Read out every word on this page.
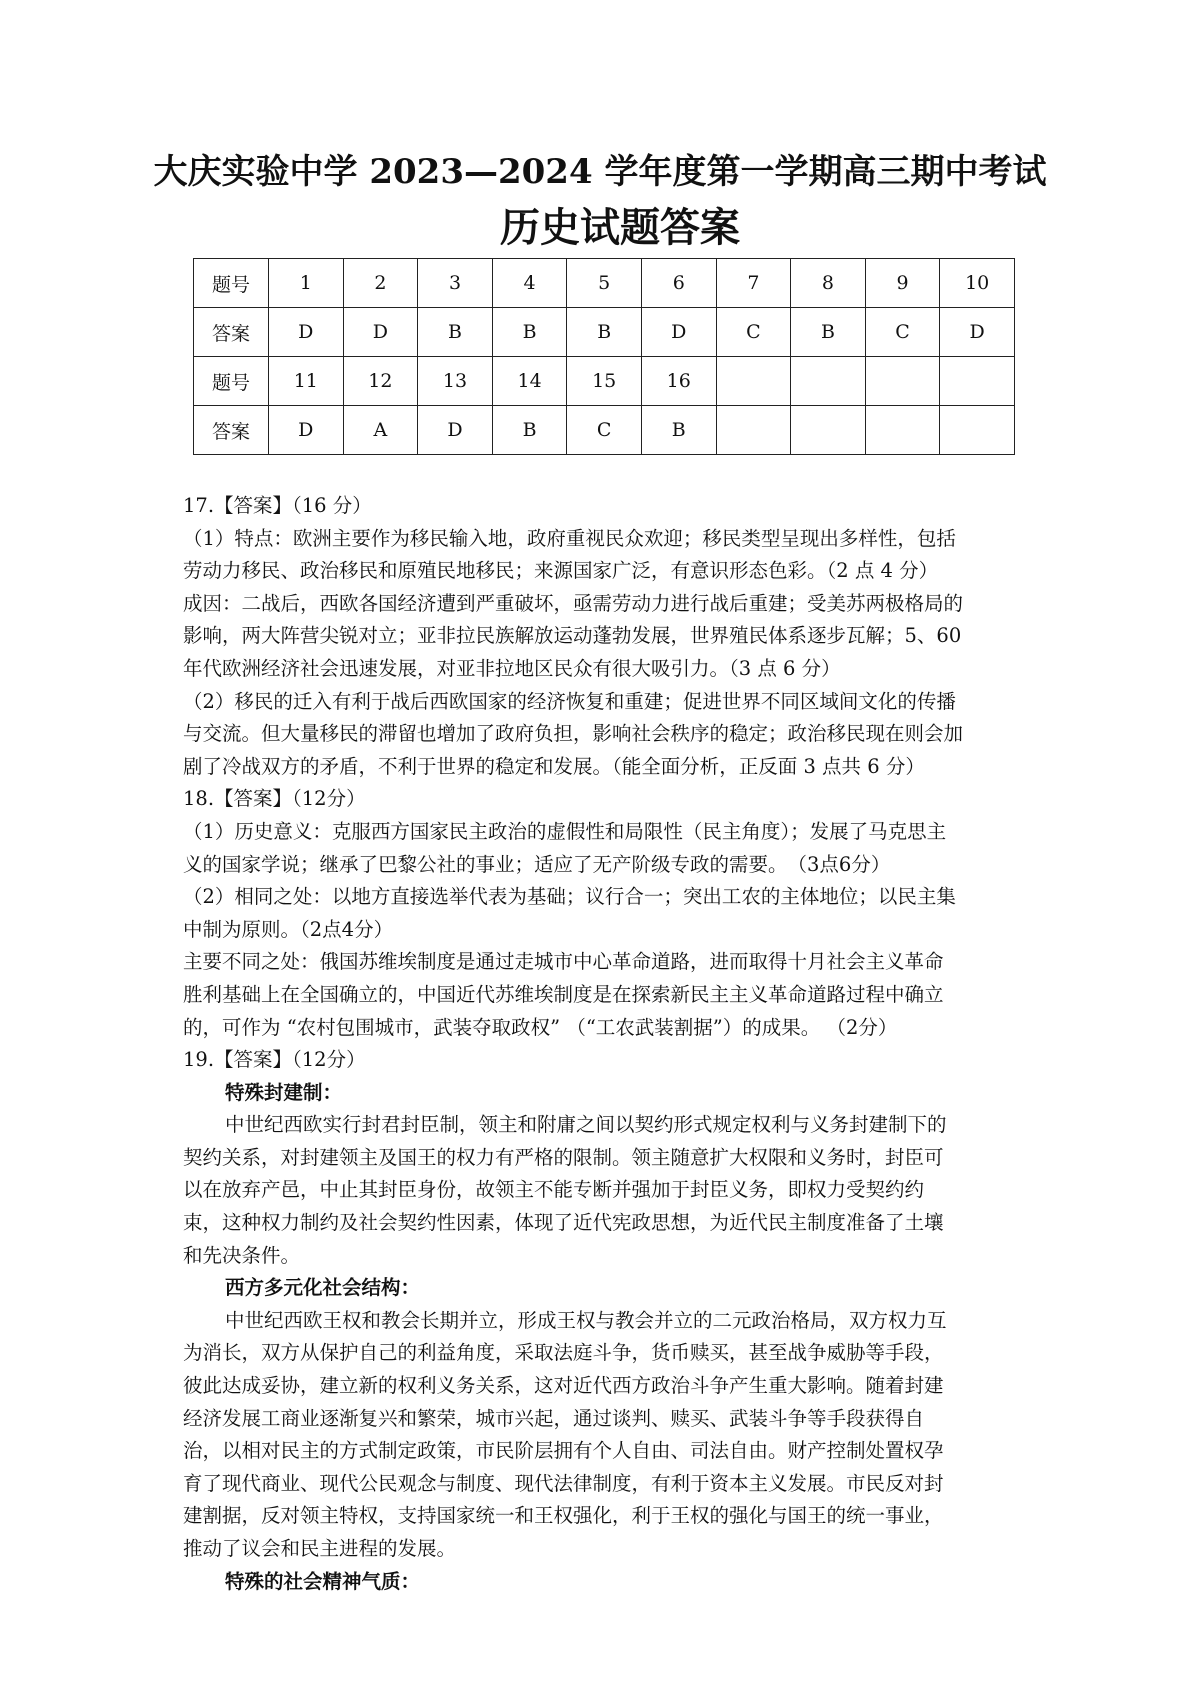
大庆实验中学 2023—2024 学年度第一学期高三期中考试
历史试题答案
题号	1	2	3	4	5	6	7	8	9	10
答案	D	D	B	B	B	D	C	B	C	D
题号	11	12	13	14	15	16				
答案	D	A	D	B	C	B				

17.【答案】（16 分）

（1）特点：欧洲主要作为移民输入地，政府重视民众欢迎；移民类型呈现出多样性，包括

劳动力移民、政治移民和原殖民地移民；来源国家广泛，有意识形态色彩。（2 点 4 分）

成因：二战后，西欧各国经济遭到严重破坏，亟需劳动力进行战后重建；受美苏两极格局的

影响，两大阵营尖锐对立；亚非拉民族解放运动蓬勃发展，世界殖民体系逐步瓦解；5、60

年代欧洲经济社会迅速发展，对亚非拉地区民众有很大吸引力。（3 点 6 分）

（2）移民的迁入有利于战后西欧国家的经济恢复和重建；促进世界不同区域间文化的传播

与交流。但大量移民的滞留也增加了政府负担，影响社会秩序的稳定；政治移民现在则会加

剧了冷战双方的矛盾，不利于世界的稳定和发展。（能全面分析，正反面 3 点共 6 分）

18.【答案】（12分）

（1）历史意义：克服西方国家民主政治的虚假性和局限性（民主角度）；发展了马克思主

义的国家学说；继承了巴黎公社的事业；适应了无产阶级专政的需要。　（3点6分）

（2）相同之处：以地方直接选举代表为基础；议行合一；突出工农的主体地位；以民主集

中制为原则。（2点4分）

主要不同之处：俄国苏维埃制度是通过走城市中心革命道路，进而取得十月社会主义革命

胜利基础上在全国确立的，中国近代苏维埃制度是在探索新民主主义革命道路过程中确立

的，可作为 “农村包围城市，武装夺取政权” （“工农武装割据”）的成果。 （2分）

19.【答案】（12分）

特殊封建制：

中世纪西欧实行封君封臣制，领主和附庸之间以契约形式规定权利与义务封建制下的

契约关系，对封建领主及国王的权力有严格的限制。领主随意扩大权限和义务时，封臣可

以在放弃产邑，中止其封臣身份，故领主不能专断并强加于封臣义务，即权力受契约约

束，这种权力制约及社会契约性因素，体现了近代宪政思想，为近代民主制度准备了土壤

和先决条件。

西方多元化社会结构：

中世纪西欧王权和教会长期并立，形成王权与教会并立的二元政治格局，双方权力互

为消长，双方从保护自己的利益角度，采取法庭斗争，货币赎买，甚至战争威胁等手段，

彼此达成妥协，建立新的权利义务关系，这对近代西方政治斗争产生重大影响。随着封建

经济发展工商业逐渐复兴和繁荣，城市兴起，通过谈判、赎买、武装斗争等手段获得自

治，以相对民主的方式制定政策，市民阶层拥有个人自由、司法自由。财产控制处置权孕

育了现代商业、现代公民观念与制度、现代法律制度，有利于资本主义发展。市民反对封

建割据，反对领主特权，支持国家统一和王权强化，利于王权的强化与国王的统一事业，

推动了议会和民主进程的发展。

特殊的社会精神气质：
